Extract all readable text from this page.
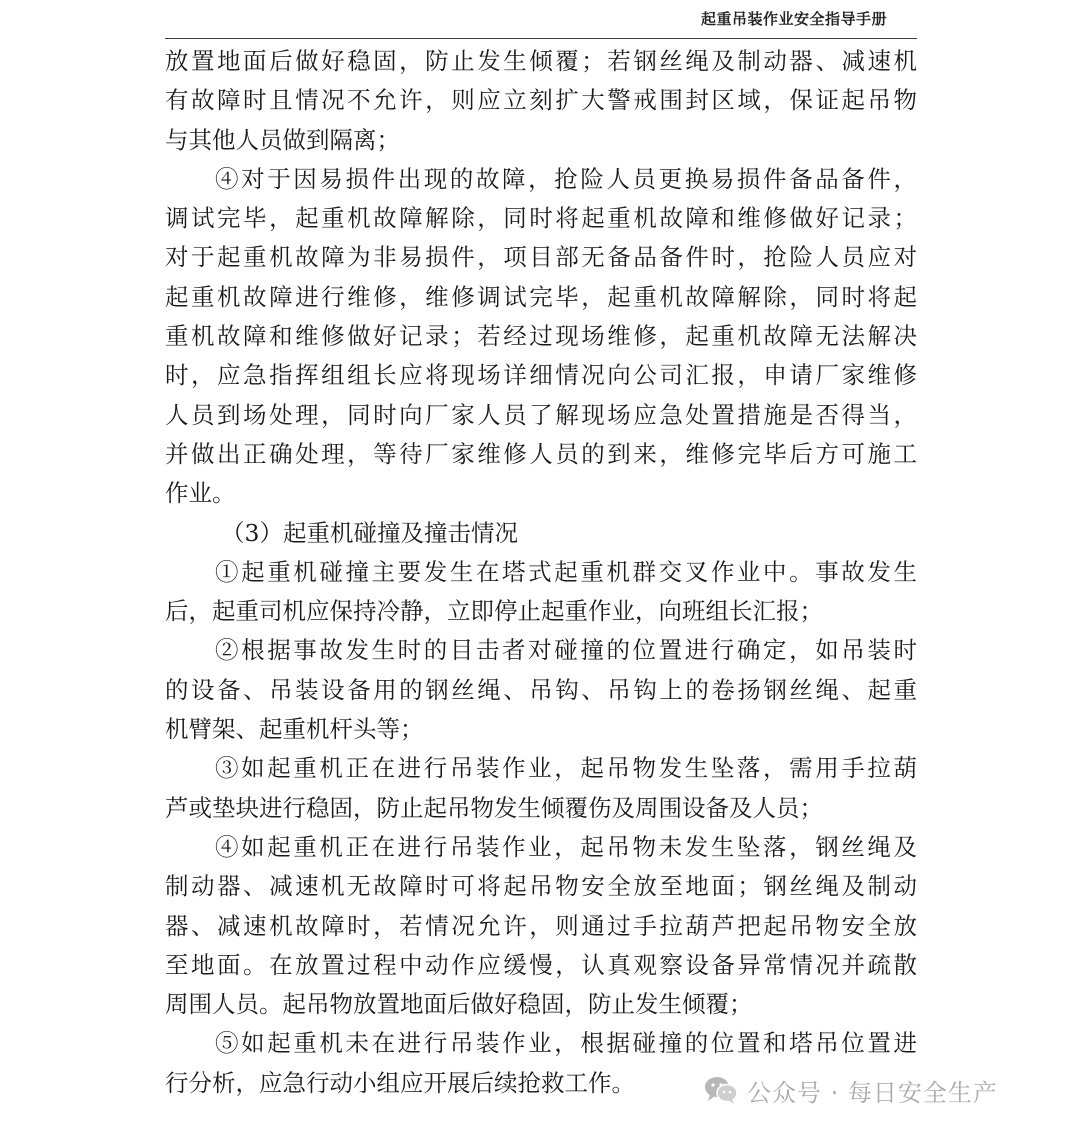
起重吊装作业安全指导手册
放置地面后做好稳固，防止发生倾覆；若钢丝绳及制动器、减速机
有故障时且情况不允许，则应立刻扩大警戒围封区域，保证起吊物
与其他人员做到隔离；
④对于因易损件出现的故障，抢险人员更换易损件备品备件，
调试完毕，起重机故障解除，同时将起重机故障和维修做好记录；
对于起重机故障为非易损件，项目部无备品备件时，抢险人员应对
起重机故障进行维修，维修调试完毕，起重机故障解除，同时将起
重机故障和维修做好记录；若经过现场维修，起重机故障无法解决
时，应急指挥组组长应将现场详细情况向公司汇报，申请厂家维修
人员到场处理，同时向厂家人员了解现场应急处置措施是否得当，
并做出正确处理，等待厂家维修人员的到来，维修完毕后方可施工
作业。
（3）起重机碰撞及撞击情况
①起重机碰撞主要发生在塔式起重机群交叉作业中。事故发生
后，起重司机应保持冷静，立即停止起重作业，向班组长汇报；
②根据事故发生时的目击者对碰撞的位置进行确定，如吊装时
的设备、吊装设备用的钢丝绳、吊钩、吊钩上的卷扬钢丝绳、起重
机臂架、起重机杆头等；
③如起重机正在进行吊装作业，起吊物发生坠落，需用手拉葫
芦或垫块进行稳固，防止起吊物发生倾覆伤及周围设备及人员；
④如起重机正在进行吊装作业，起吊物未发生坠落，钢丝绳及
制动器、减速机无故障时可将起吊物安全放至地面；钢丝绳及制动
器、减速机故障时，若情况允许，则通过手拉葫芦把起吊物安全放
至地面。在放置过程中动作应缓慢，认真观察设备异常情况并疏散
周围人员。起吊物放置地面后做好稳固，防止发生倾覆；
⑤如起重机未在进行吊装作业，根据碰撞的位置和塔吊位置进
行分析，应急行动小组应开展后续抢救工作。	公众号 · 每日安全生产
